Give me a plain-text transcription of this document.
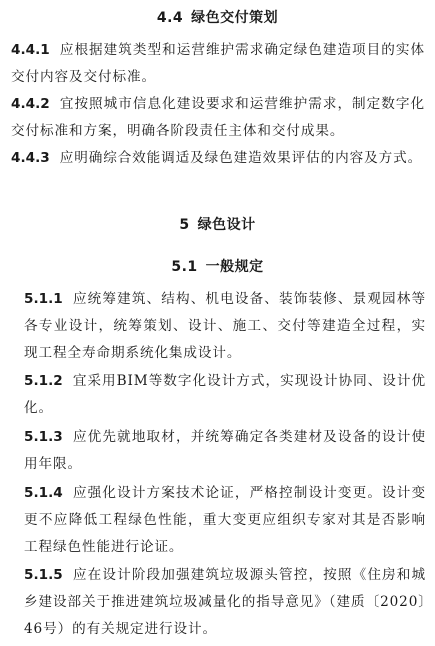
4.4 绿色交付策划
4.4.1 应根据建筑类型和运营维护需求确定绿色建造项目的实体交付内容及交付标准。
4.4.2 宜按照城市信息化建设要求和运营维护需求，制定数字化交付标准和方案，明确各阶段责任主体和交付成果。
4.4.3 应明确综合效能调适及绿色建造效果评估的内容及方式。
5 绿色设计
5.1 一般规定
5.1.1 应统筹建筑、结构、机电设备、装饰装修、景观园林等各专业设计，统筹策划、设计、施工、交付等建造全过程，实现工程全寿命期系统化集成设计。
5.1.2 宜采用BIM等数字化设计方式，实现设计协同、设计优化。
5.1.3 应优先就地取材，并统筹确定各类建材及设备的设计使用年限。
5.1.4 应强化设计方案技术论证，严格控制设计变更。设计变更不应降低工程绿色性能，重大变更应组织专家对其是否影响工程绿色性能进行论证。
5.1.5 应在设计阶段加强建筑垃圾源头管控，按照《住房和城乡建设部关于推进建筑垃圾减量化的指导意见》（建质〔2020〕46号）的有关规定进行设计。
